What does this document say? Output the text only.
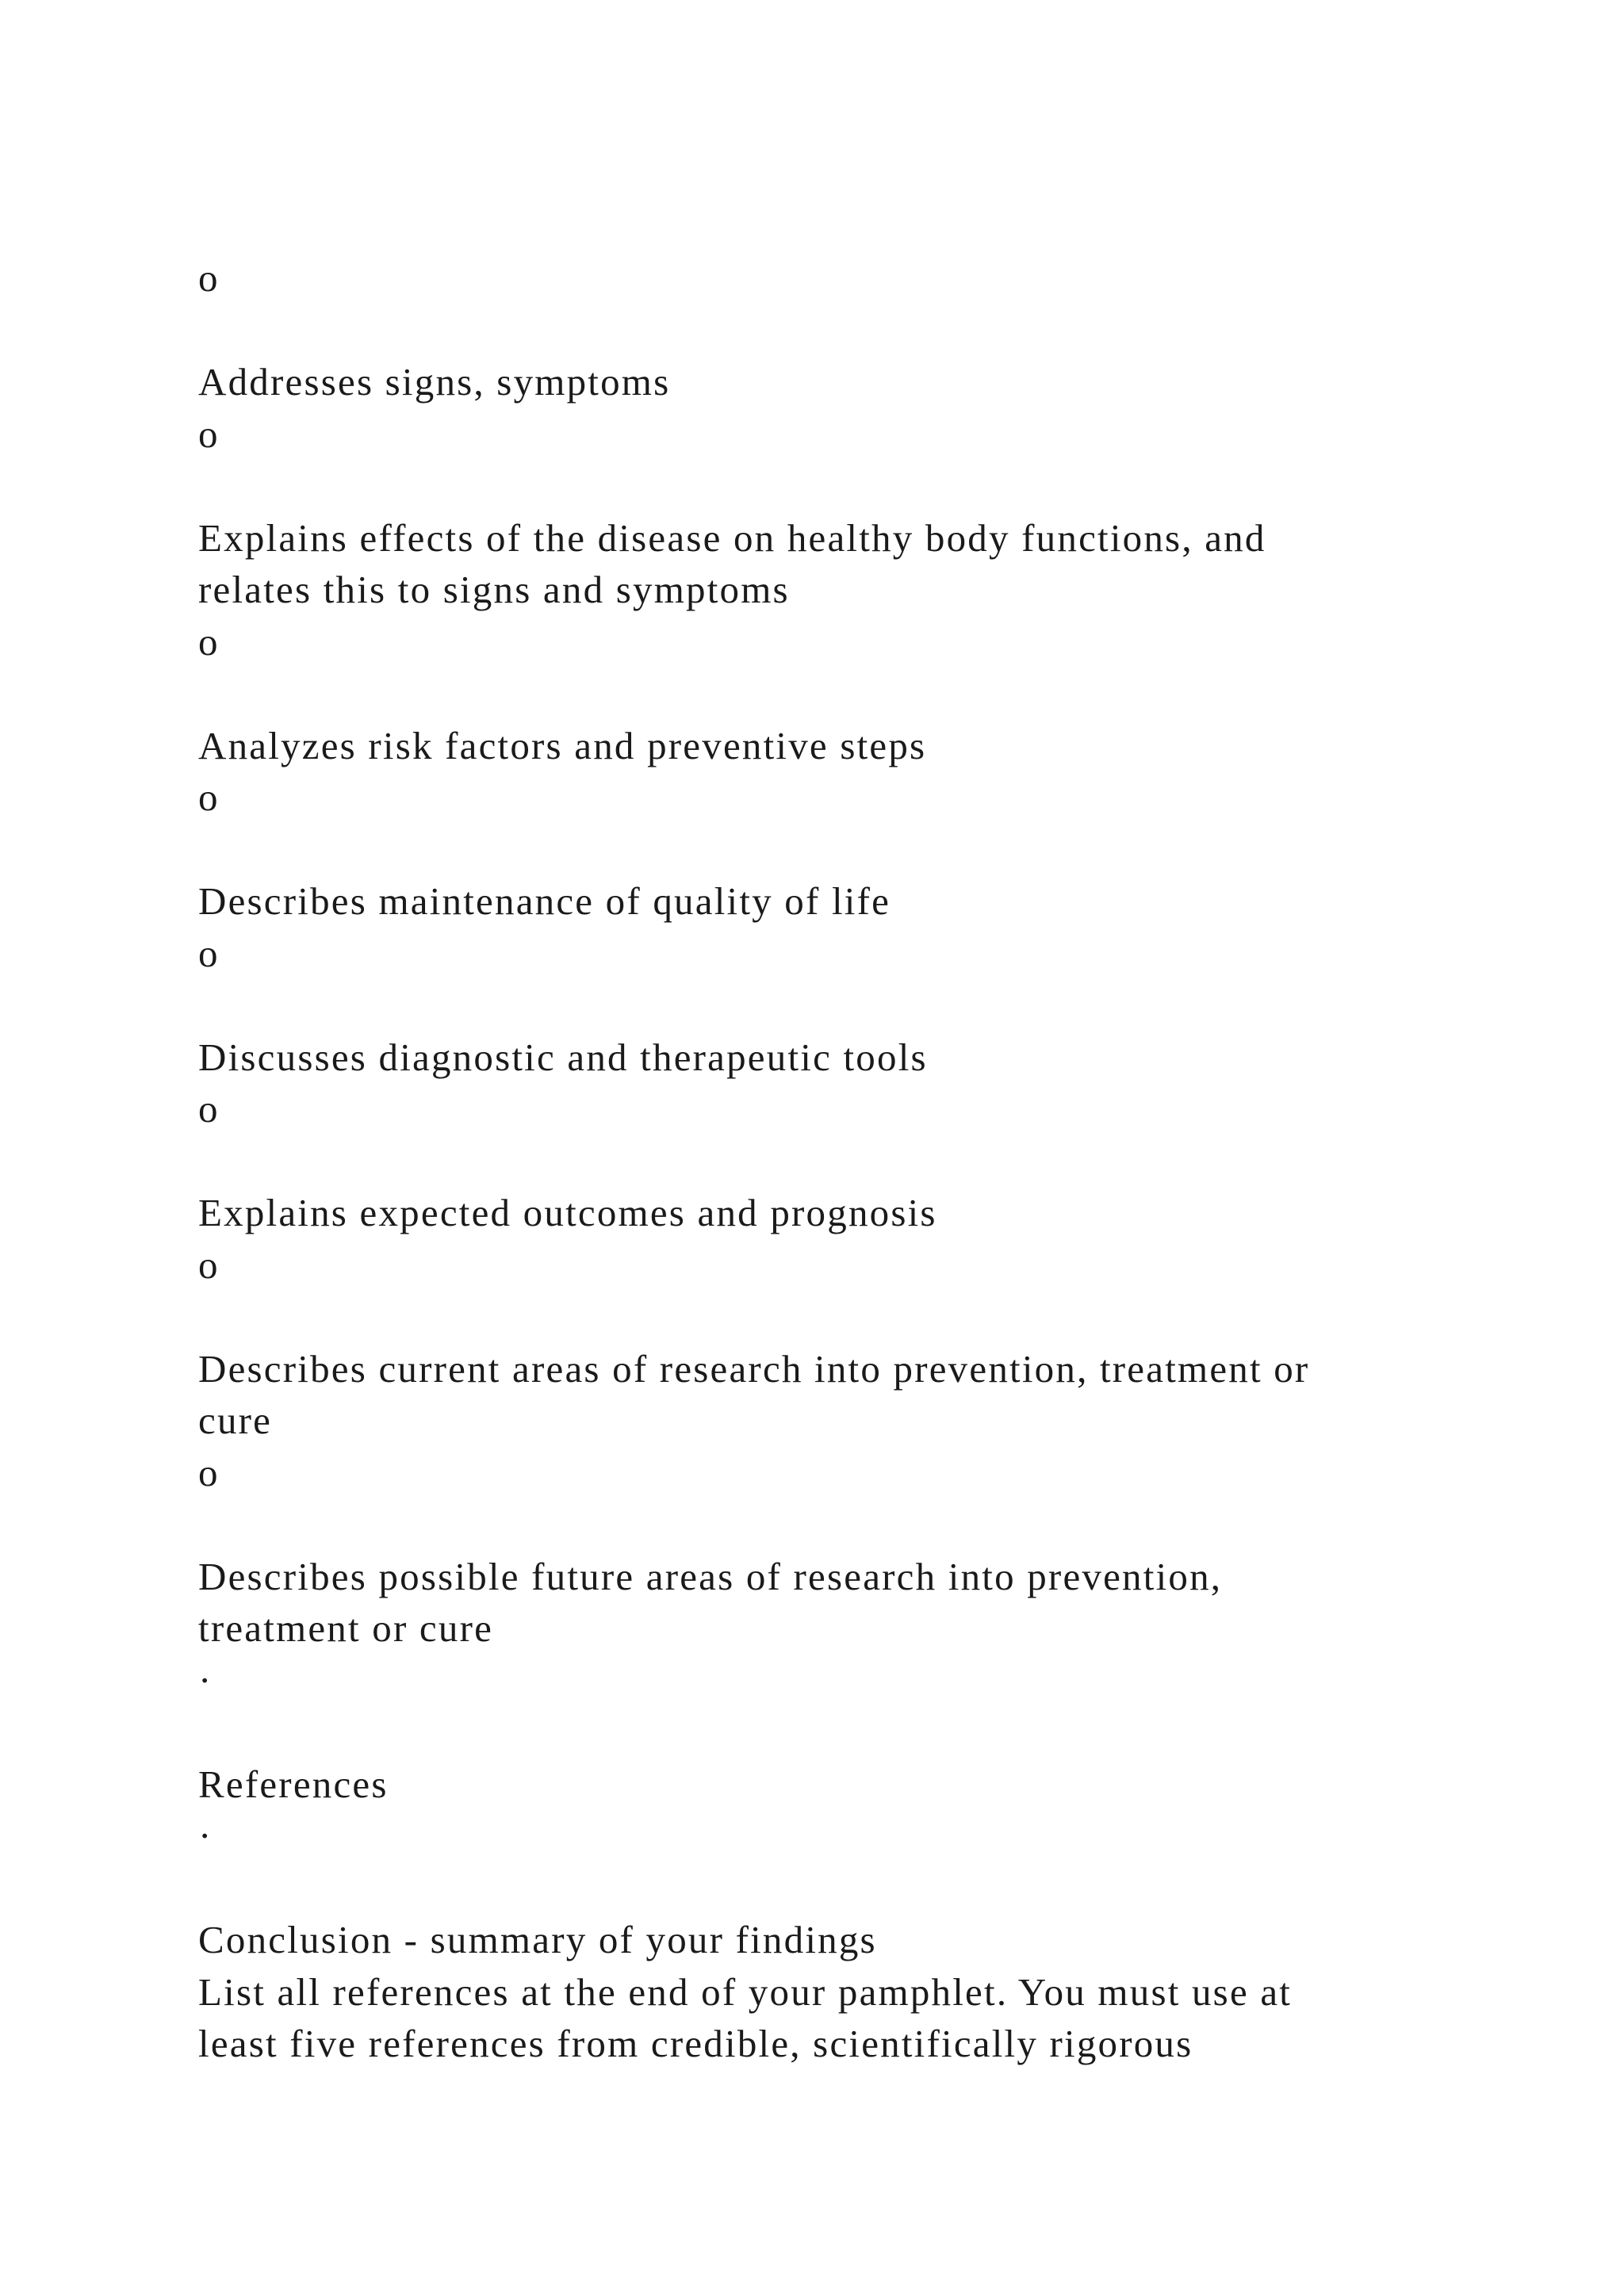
o
Addresses signs, symptoms
o
Explains effects of the disease on healthy body functions, and
relates this to signs and symptoms
o
Analyzes risk factors and preventive steps
o
Describes maintenance of quality of life
o
Discusses diagnostic and therapeutic tools
o
Explains expected outcomes and prognosis
o
Describes current areas of research into prevention, treatment or
cure
o
Describes possible future areas of research into prevention,
treatment or cure
·
References
·
Conclusion - summary of your findings
List all references at the end of your pamphlet. You must use at
least five references from credible, scientifically rigorous
